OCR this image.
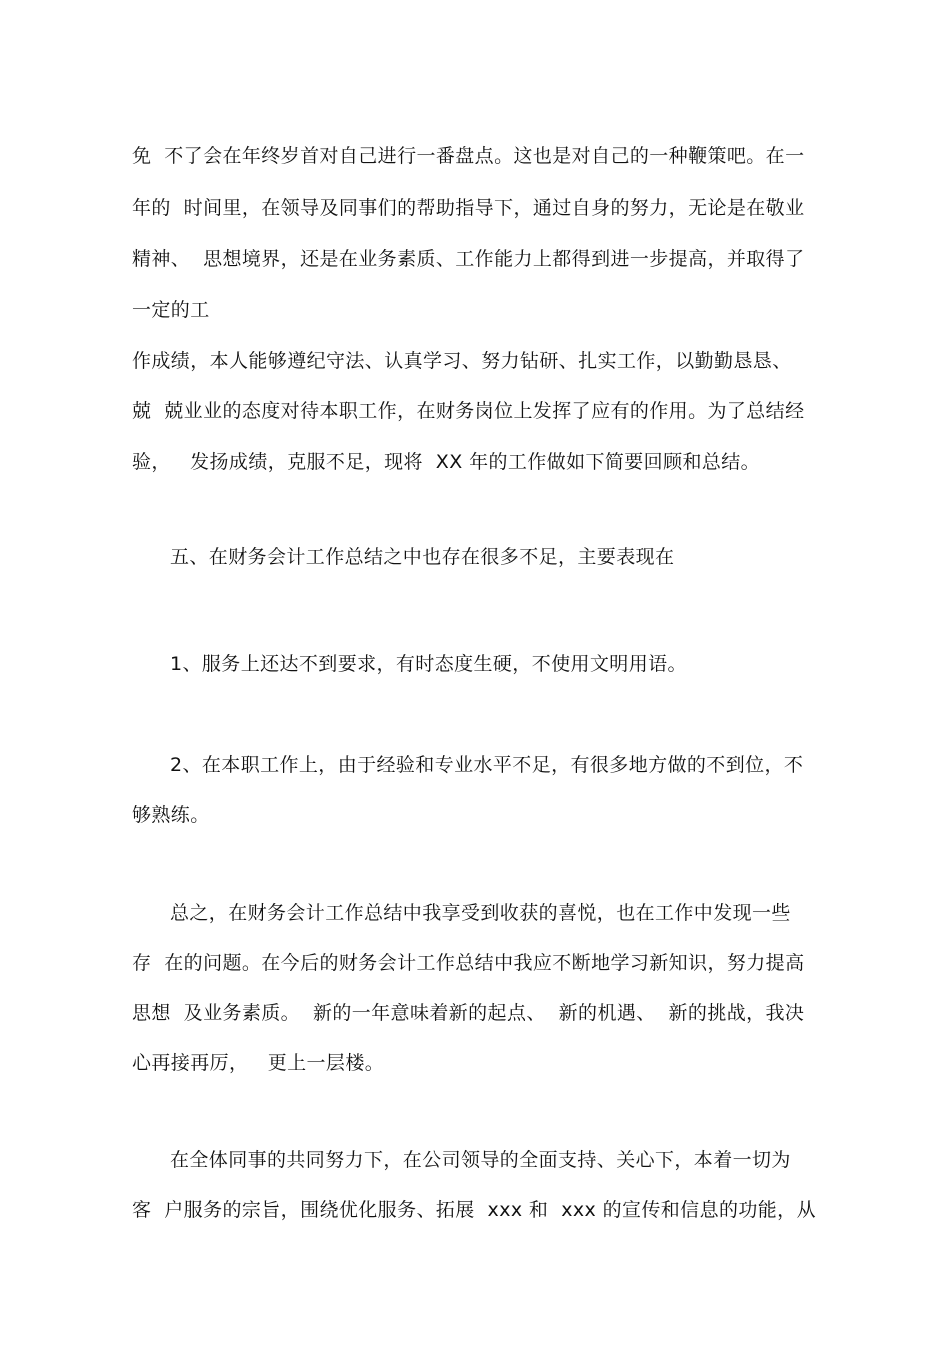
免  不了会在年终岁首对自己进行一番盘点。这也是对自己的一种鞭策吧。在一
年的  时间里，在领导及同事们的帮助指导下，通过自身的努力，无论是在敬业
精神、  思想境界，还是在业务素质、工作能力上都得到进一步提高，并取得了
一定的工
作成绩，本人能够遵纪守法、认真学习、努力钻研、扎实工作，以勤勤恳恳、
兢  兢业业的态度对待本职工作，在财务岗位上发挥了应有的作用。为了总结经
验，   发扬成绩，克服不足，现将  XX 年的工作做如下简要回顾和总结。
五、在财务会计工作总结之中也存在很多不足，主要表现在
1、服务上还达不到要求，有时态度生硬，不使用文明用语。
2、在本职工作上，由于经验和专业水平不足，有很多地方做的不到位，不
够熟练。
总之，在财务会计工作总结中我享受到收获的喜悦，也在工作中发现一些
存  在的问题。在今后的财务会计工作总结中我应不断地学习新知识，努力提高
思想  及业务素质。  新的一年意味着新的起点、  新的机遇、  新的挑战，我决
心再接再厉，   更上一层楼。
在全体同事的共同努力下，在公司领导的全面支持、关心下，本着一切为
客  户服务的宗旨，围绕优化服务、拓展  xxx 和  xxx 的宣传和信息的功能，从
